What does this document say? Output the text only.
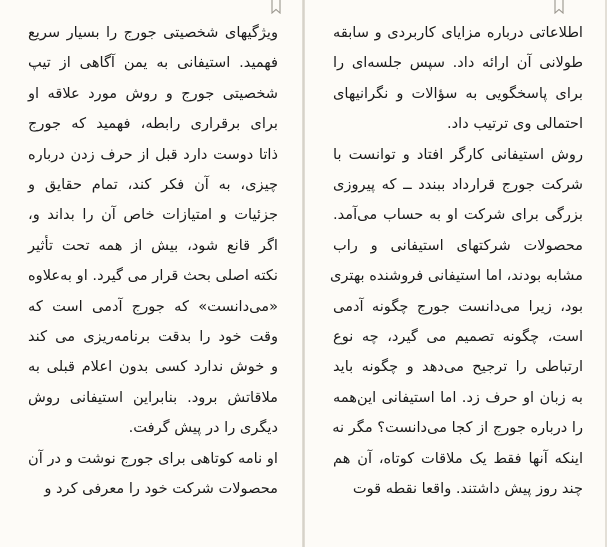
ویژگیهای شخصیتی جورج را بسیار سریع
فهمید. استیفانی به یمن آگاهی از تیپ
شخصیتی جورج و روش مورد علاقه او
برای برقراری رابطه، فهمید که جورج
ذاتا دوست دارد قبل از حرف زدن درباره
چیزی، به آن فکر کند، تمام حقایق و
جزئیات و امتیازات خاص آن را بداند و،
اگر قانع شود، بیش از همه تحت تأثیر
نکته اصلی بحث قرار می گیرد. او به‌علاوه
«می‌دانست» که جورج آدمی است که
وقت خود را بدقت برنامه‌ریزی می کند
و خوش ندارد کسی بدون اعلام قبلی به
ملاقاتش برود. بنابراین استیفانی روش
دیگری را در پیش گرفت.
او نامه کوتاهی برای جورج نوشت و در آن
محصولات شرکت خود را معرفی کرد و
اطلاعاتی درباره مزایای کاربردی و سابقه
طولانی آن ارائه داد. سپس جلسه‌ای را
برای پاسخگویی به سؤالات و نگرانیهای
احتمالی وی ترتیب داد.
روش استیفانی کارگر افتاد و توانست با
شرکت جورج قرارداد ببندد ــ که پیروزی
بزرگی برای شرکت او به حساب می‌آمد.
محصولات شرکتهای استیفانی و راب
مشابه بودند، اما استیفانی فروشنده بهتری
بود، زیرا می‌دانست جورج چگونه آدمی
است، چگونه تصمیم می گیرد، چه نوع
ارتباطی را ترجیح می‌دهد و چگونه باید
به زبان او حرف زد. اما استیفانی این‌همه
را درباره جورج از کجا می‌دانست؟ مگر نه
اینکه آنها فقط یک ملاقات کوتاه، آن هم
چند روز پیش داشتند. واقعا نقطه قوت
